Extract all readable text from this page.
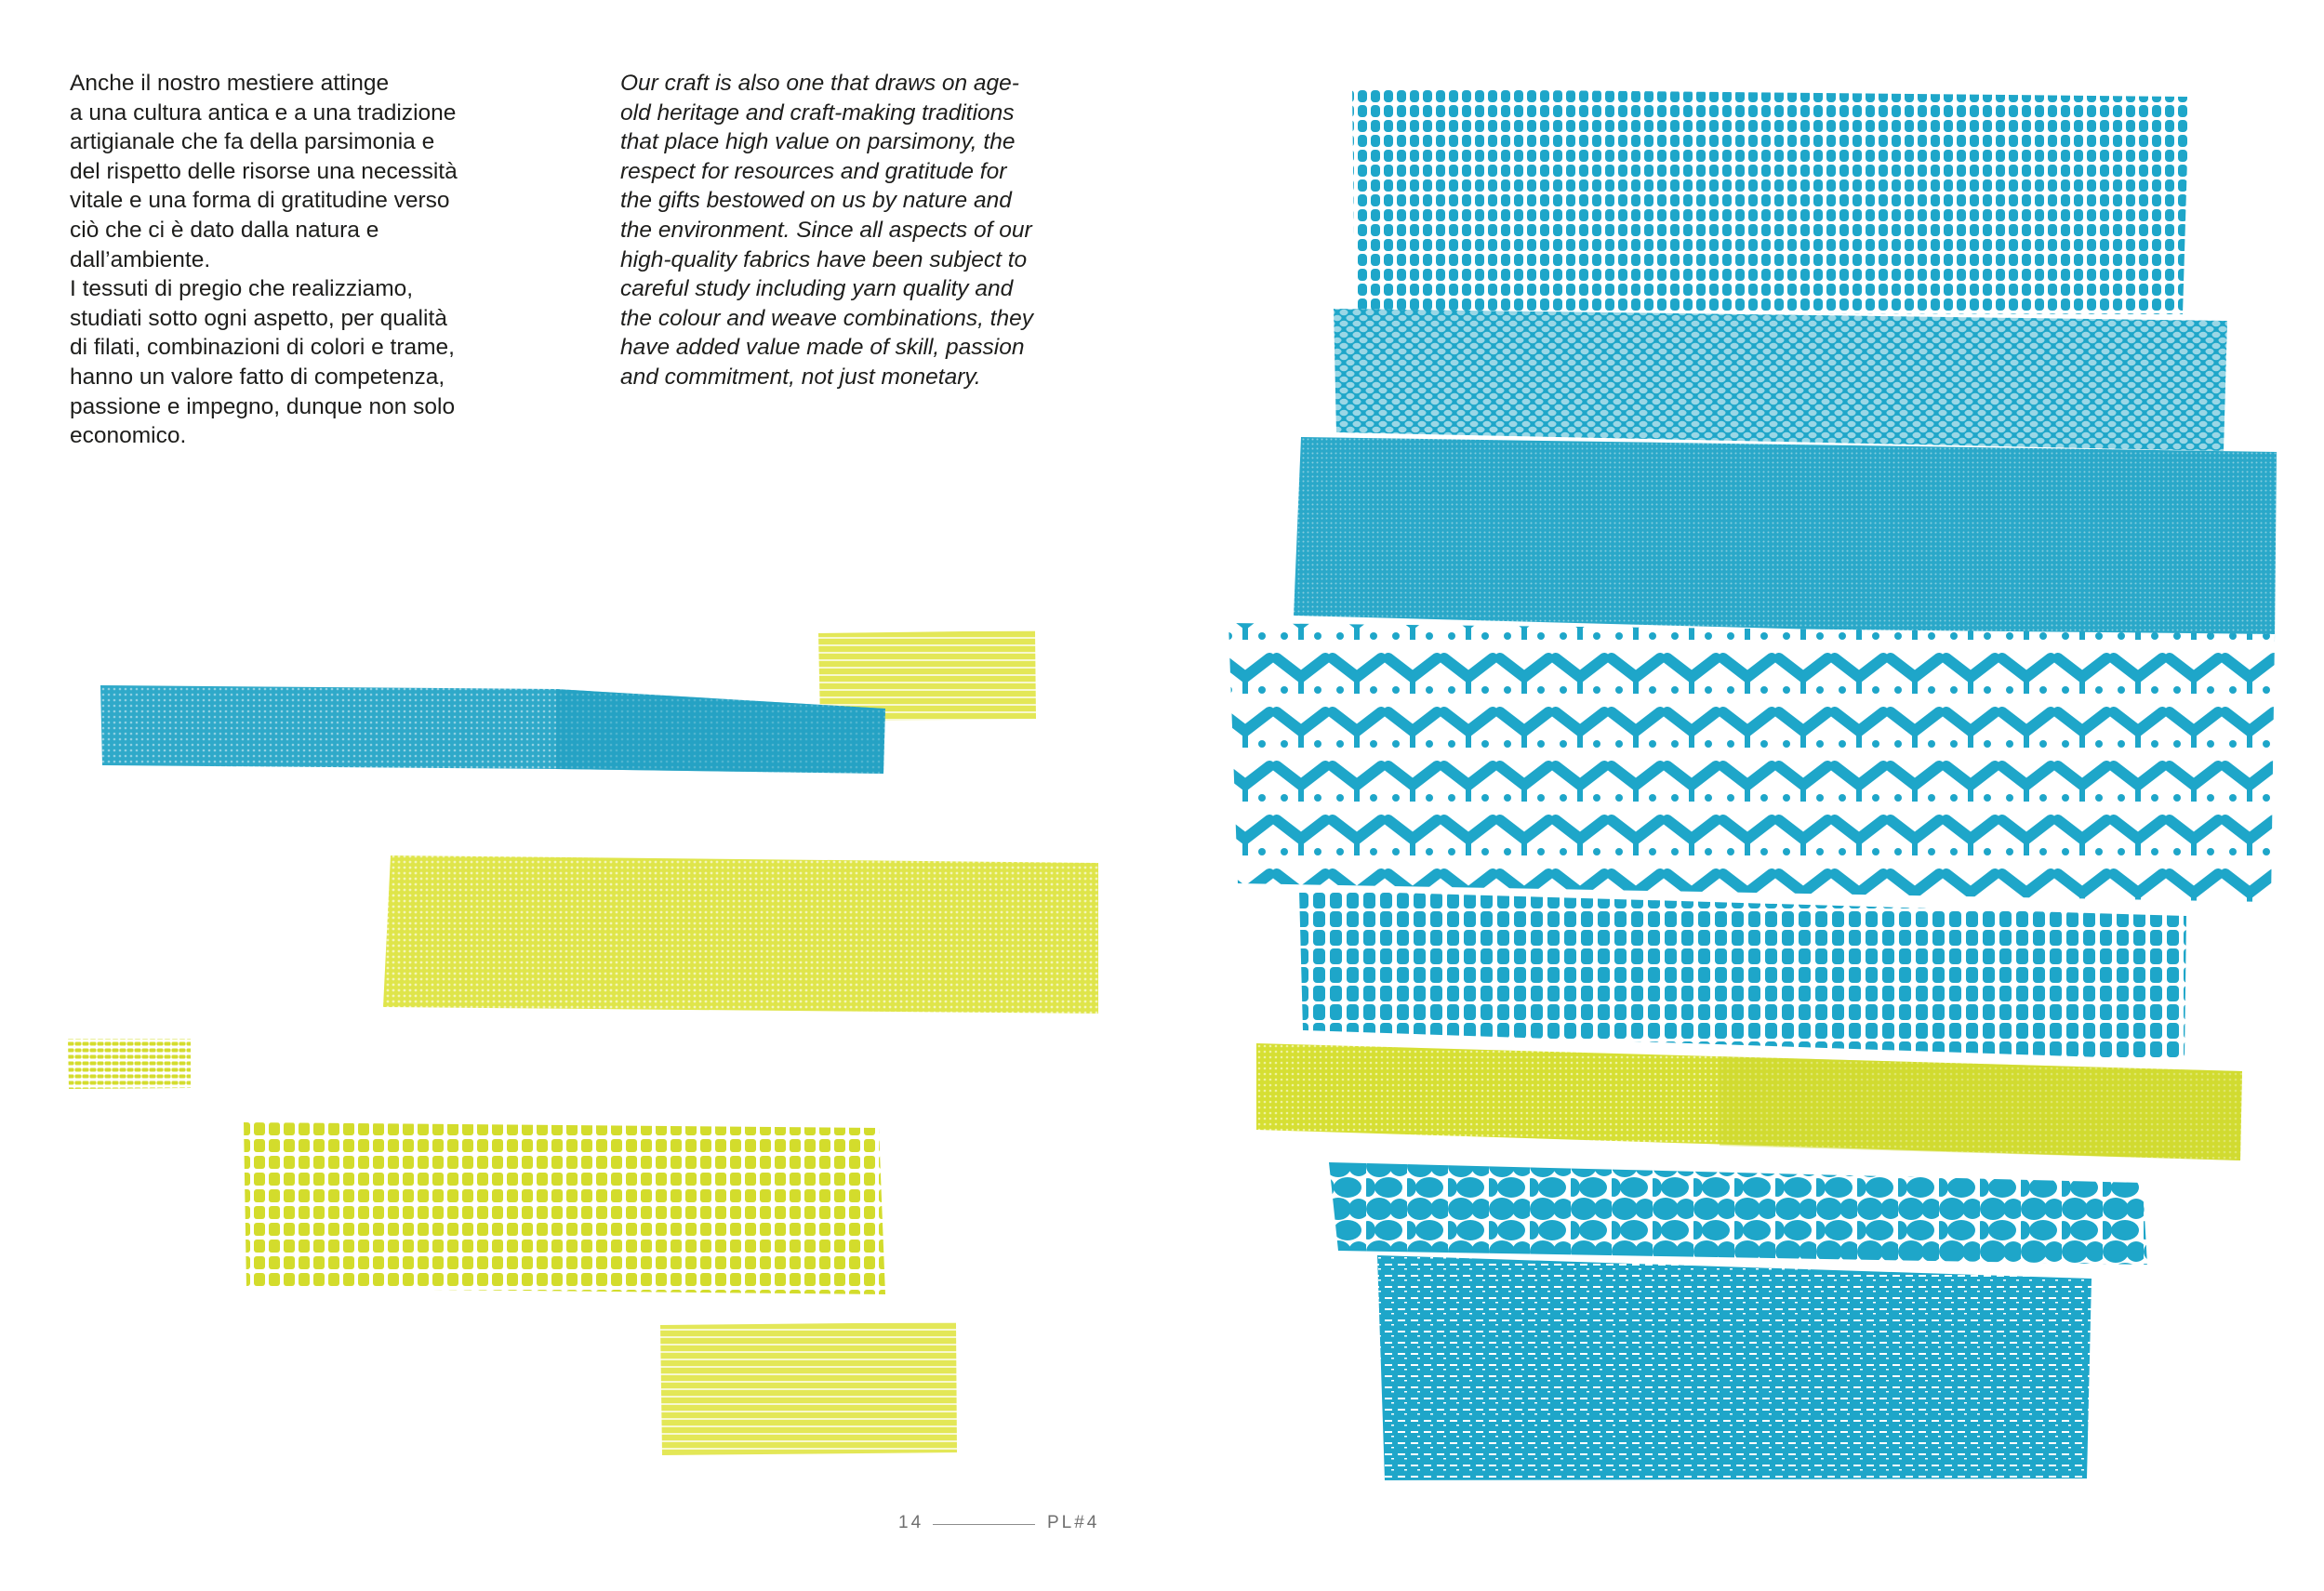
Anche il nostro mestiere attinge
a una cultura antica e a una tradizione
artigianale che fa della parsimonia e
del rispetto delle risorse una necessità
vitale e una forma di gratitudine verso
ciò che ci è dato dalla natura e
dall’ambiente.
I tessuti di pregio che realizziamo,
studiati sotto ogni aspetto, per qualità
di filati, combinazioni di colori e trame,
hanno un valore fatto di competenza,
passione e impegno, dunque non solo
economico.
Our craft is also one that draws on age-
old heritage and craft-making traditions
that place high value on parsimony, the
respect for resources and gratitude for
the gifts bestowed on us by nature and
the environment. Since all aspects of our
high-quality fabrics have been subject to
careful study including yarn quality and
the colour and weave combinations, they
have added value made of skill, passion
and commitment, not just monetary.
14	PL#4
